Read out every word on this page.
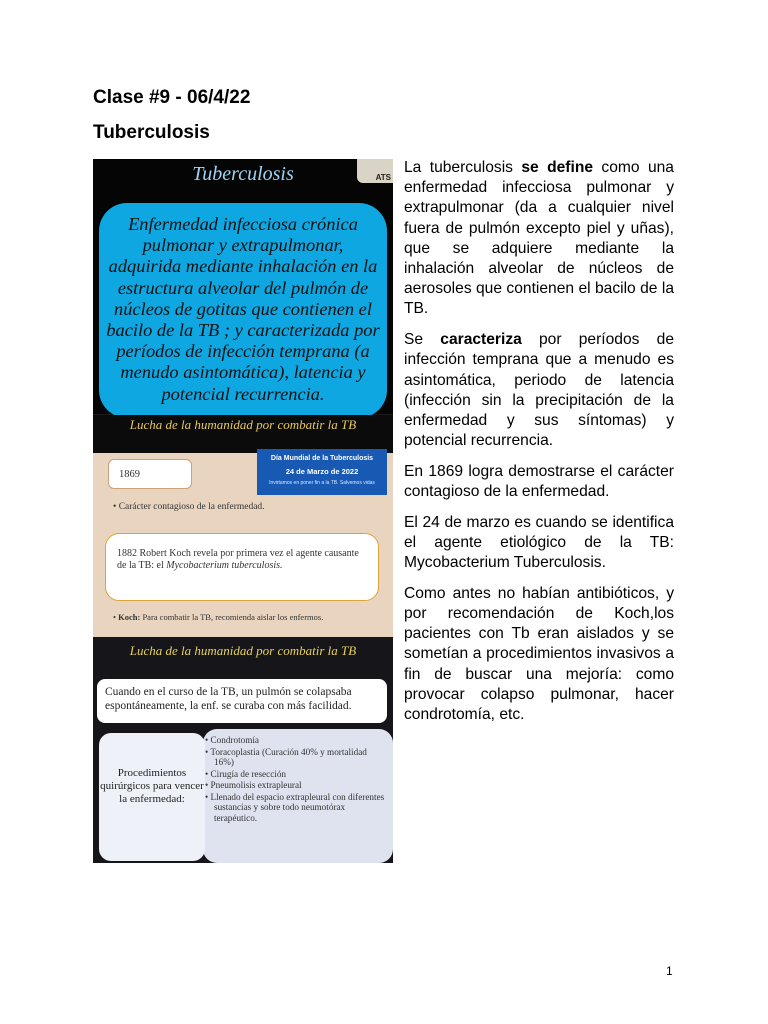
Clase #9 - 06/4/22
Tuberculosis
Tuberculosis	ATS
Enfermedad infecciosa crónica pulmonar y extrapulmonar, adquirida mediante inhalación en la estructura alveolar del pulmón de núcleos de gotitas que contienen el bacilo de la TB ; y caracterizada por períodos de infección temprana (a menudo asintomática), latencia y potencial recurrencia.
Lucha de la humanidad por combatir la TB
1869
Día Mundial de la Tuberculosis
24 de Marzo de 2022
Invirtamos en poner fin a la TB. Salvemos vidas
• Carácter contagioso de la enfermedad.
1882 Robert Koch revela por primera vez el agente causante de la TB: el Mycobacterium tuberculosis.
• Koch: Para combatir la TB, recomienda aislar los enfermos.
Lucha de la humanidad por combatir la TB
Cuando en el curso de la TB, un pulmón se colapsaba espontáneamente, la enf. se curaba con más facilidad.
• Condrotomía
• Toracoplastia (Curación 40% y mortalidad 16%)
• Cirugía de resección
• Pneumolisis extrapleural
• Llenado del espacio extrapleural con diferentes sustancias y sobre todo neumotórax terapéutico.
Procedimientos quirúrgicos para vencer la enfermedad:

La tuberculosis se define como una enfermedad infecciosa pulmonar y extrapulmonar (da a cualquier nivel fuera de pulmón excepto piel y uñas), que se adquiere mediante la inhalación alveolar de núcleos de aerosoles que contienen el bacilo de la TB.

Se caracteriza por períodos de infección temprana que a menudo es asintomática, periodo de latencia (infección sin la precipitación de la enfermedad y sus síntomas) y potencial recurrencia.

En 1869 logra demostrarse el carácter contagioso de la enfermedad.

El 24 de marzo es cuando se identifica el agente etiológico de la TB: Mycobacterium Tuberculosis.

Como antes no habían antibióticos, y por recomendación de Koch,los pacientes con Tb eran aislados y se sometían a procedimientos invasivos a fin de buscar una mejoría: como provocar colapso pulmonar, hacer condrotomía, etc.

1
